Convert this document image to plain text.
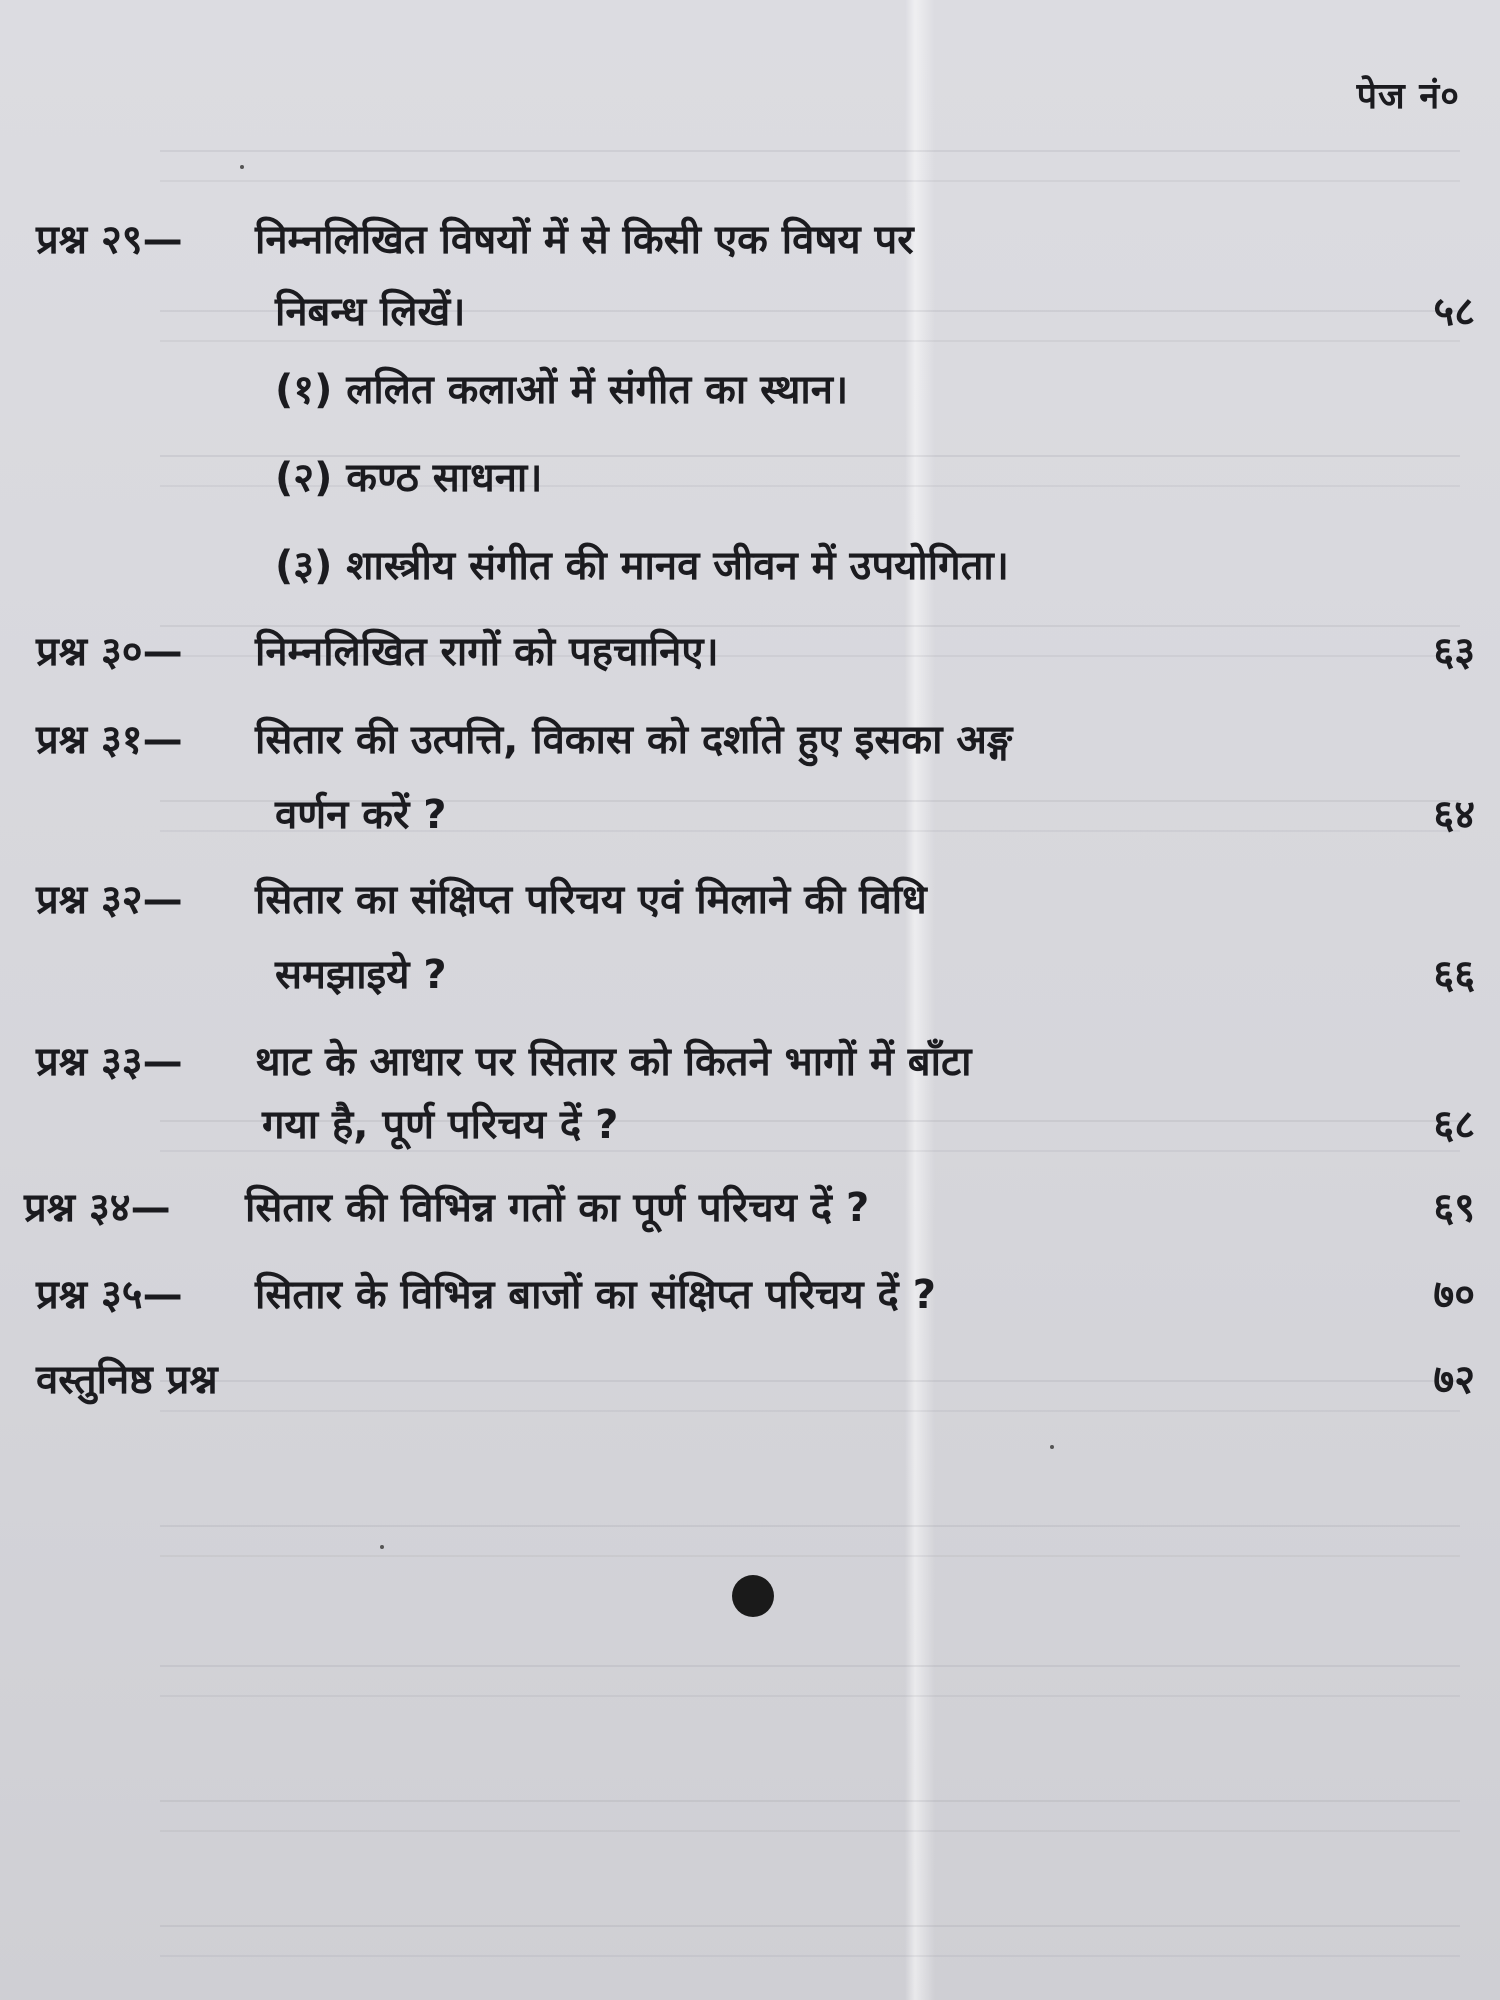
पेज नं०
प्रश्न २९— निम्नलिखित विषयों में से किसी एक विषय पर
निबन्ध लिखें।	५८
(१) ललित कलाओं में संगीत का स्थान।
(२) कण्ठ साधना।
(३) शास्त्रीय संगीत की मानव जीवन में उपयोगिता।
प्रश्न ३०— निम्नलिखित रागों को पहचानिए।	६३
प्रश्न ३१— सितार की उत्पत्ति, विकास को दर्शाते हुए इसका अङ्ग
वर्णन करें ?	६४
प्रश्न ३२— सितार का संक्षिप्त परिचय एवं मिलाने की विधि
समझाइये ?	६६
प्रश्न ३३— थाट के आधार पर सितार को कितने भागों में बाँटा
गया है, पूर्ण परिचय दें ?	६८
प्रश्न ३४— सितार की विभिन्न गतों का पूर्ण परिचय दें ?	६९
प्रश्न ३५— सितार के विभिन्न बाजों का संक्षिप्त परिचय दें ?	७०
वस्तुनिष्ठ प्रश्न	७२
